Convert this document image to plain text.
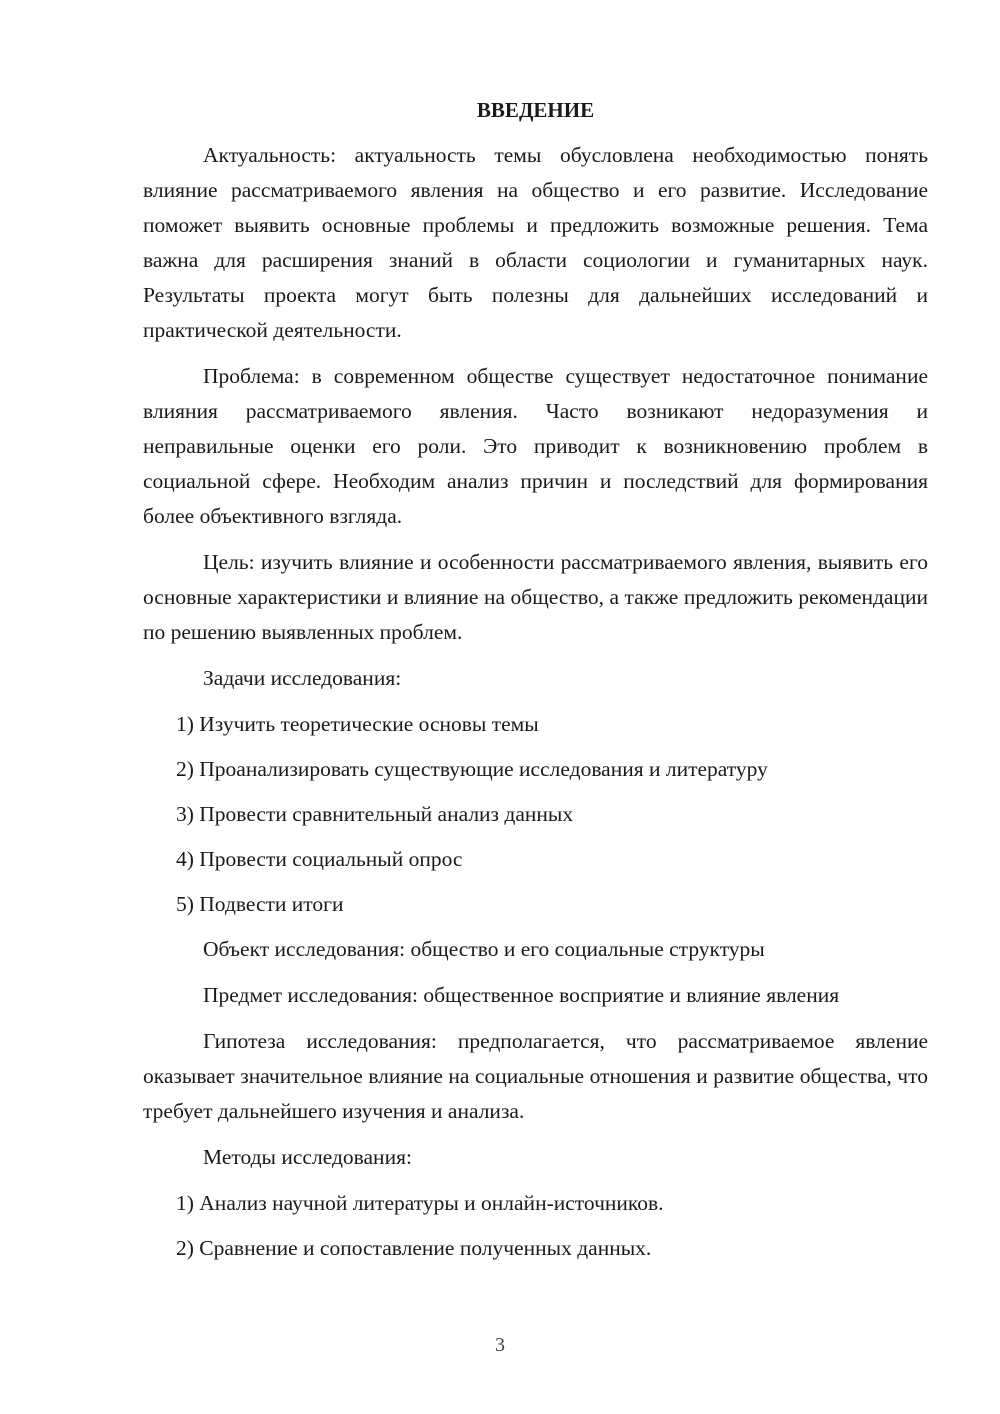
ВВЕДЕНИЕ

Актуальность: актуальность темы обусловлена необходимостью понять влияние рассматриваемого явления на общество и его развитие. Исследование поможет выявить основные проблемы и предложить возможные решения. Тема важна для расширения знаний в области социологии и гуманитарных наук. Результаты проекта могут быть полезны для дальнейших исследований и практической деятельности.

Проблема: в современном обществе существует недостаточное понимание влияния рассматриваемого явления. Часто возникают недоразумения и неправильные оценки его роли. Это приводит к возникновению проблем в социальной сфере. Необходим анализ причин и последствий для формирования более объективного взгляда.

Цель: изучить влияние и особенности рассматриваемого явления, выявить его основные характеристики и влияние на общество, а также предложить рекомендации по решению выявленных проблем.

Задачи исследования:

1) Изучить теоретические основы темы
2) Проанализировать существующие исследования и литературу
3) Провести сравнительный анализ данных
4) Провести социальный опрос
5) Подвести итоги

Объект исследования: общество и его социальные структуры

Предмет исследования: общественное восприятие и влияние явления

Гипотеза исследования: предполагается, что рассматриваемое явление оказывает значительное влияние на социальные отношения и развитие общества, что требует дальнейшего изучения и анализа.

Методы исследования:

1) Анализ научной литературы и онлайн-источников.
2) Сравнение и сопоставление полученных данных.
3
